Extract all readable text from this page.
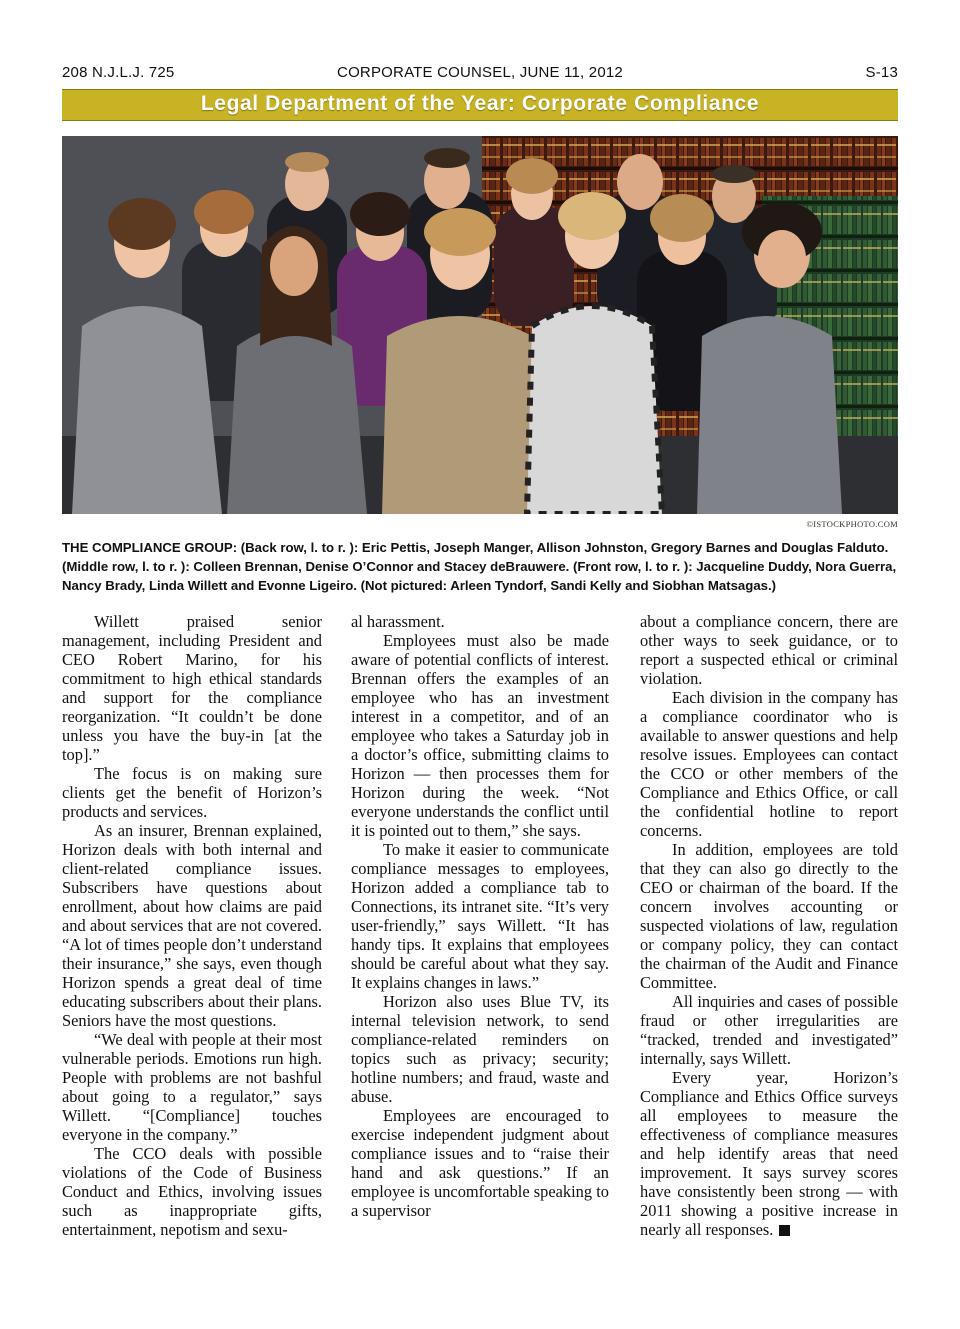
208 N.J.L.J. 725	CORPORATE COUNSEL, JUNE 11, 2012	S-13
Legal Department of the Year: Corporate Compliance
©ISTOCKPHOTO.COM
THE COMPLIANCE GROUP: (Back row, l. to r. ): Eric Pettis, Joseph Manger, Allison Johnston, Gregory Barnes and Douglas Falduto. (Middle row, l. to r. ): Colleen Brennan, Denise O’Connor and Stacey deBrauwere. (Front row, l. to r. ): Jacqueline Duddy, Nora Guerra, Nancy Brady, Linda Willett and Evonne Ligeiro. (Not pictured: Arleen Tyndorf, Sandi Kelly and Siobhan Matsagas.)

Willett praised senior management, including President and CEO Robert Marino, for his commitment to high ethical standards and support for the compliance reorganization. “It couldn’t be done unless you have the buy-in [at the top].”

The focus is on making sure clients get the benefit of Horizon’s products and services.

As an insurer, Brennan explained, Horizon deals with both internal and client-related compliance issues. Subscribers have questions about enrollment, about how claims are paid and about services that are not covered. “A lot of times people don’t understand their insurance,” she says, even though Horizon spends a great deal of time educating subscribers about their plans. Seniors have the most questions.

“We deal with people at their most vulnerable periods. Emotions run high. People with problems are not bashful about going to a regulator,” says Willett. “[Compliance] touches everyone in the company.”

The CCO deals with possible violations of the Code of Business Conduct and Ethics, involving issues such as inappropriate gifts, entertainment, nepotism and sexu-

al harassment.

Employees must also be made aware of potential conflicts of interest. Brennan offers the examples of an employee who has an investment interest in a competitor, and of an employee who takes a Saturday job in a doctor’s office, submitting claims to Horizon — then processes them for Horizon during the week. “Not everyone understands the conflict until it is pointed out to them,” she says.

To make it easier to communicate compliance messages to employees, Horizon added a compliance tab to Connections, its intranet site. “It’s very user-friendly,” says Willett. “It has handy tips. It explains that employees should be careful about what they say. It explains changes in laws.”

Horizon also uses Blue TV, its internal television network, to send compliance-related reminders on topics such as privacy; security; hotline numbers; and fraud, waste and abuse.

Employees are encouraged to exercise independent judgment about compliance issues and to “raise their hand and ask questions.” If an employee is uncomfortable speaking to a supervisor

about a compliance concern, there are other ways to seek guidance, or to report a suspected ethical or criminal violation.

Each division in the company has a compliance coordinator who is available to answer questions and help resolve issues. Employees can contact the CCO or other members of the Compliance and Ethics Office, or call the confidential hotline to report concerns.

In addition, employees are told that they can also go directly to the CEO or chairman of the board. If the concern involves accounting or suspected violations of law, regulation or company policy, they can contact the chairman of the Audit and Finance Committee.

All inquiries and cases of possible fraud or other irregularities are “tracked, trended and investigated” internally, says Willett.

Every year, Horizon’s Compliance and Ethics Office surveys all employees to measure the effectiveness of compliance measures and help identify areas that need improvement. It says survey scores have consistently been strong — with 2011 showing a positive increase in nearly all responses.
